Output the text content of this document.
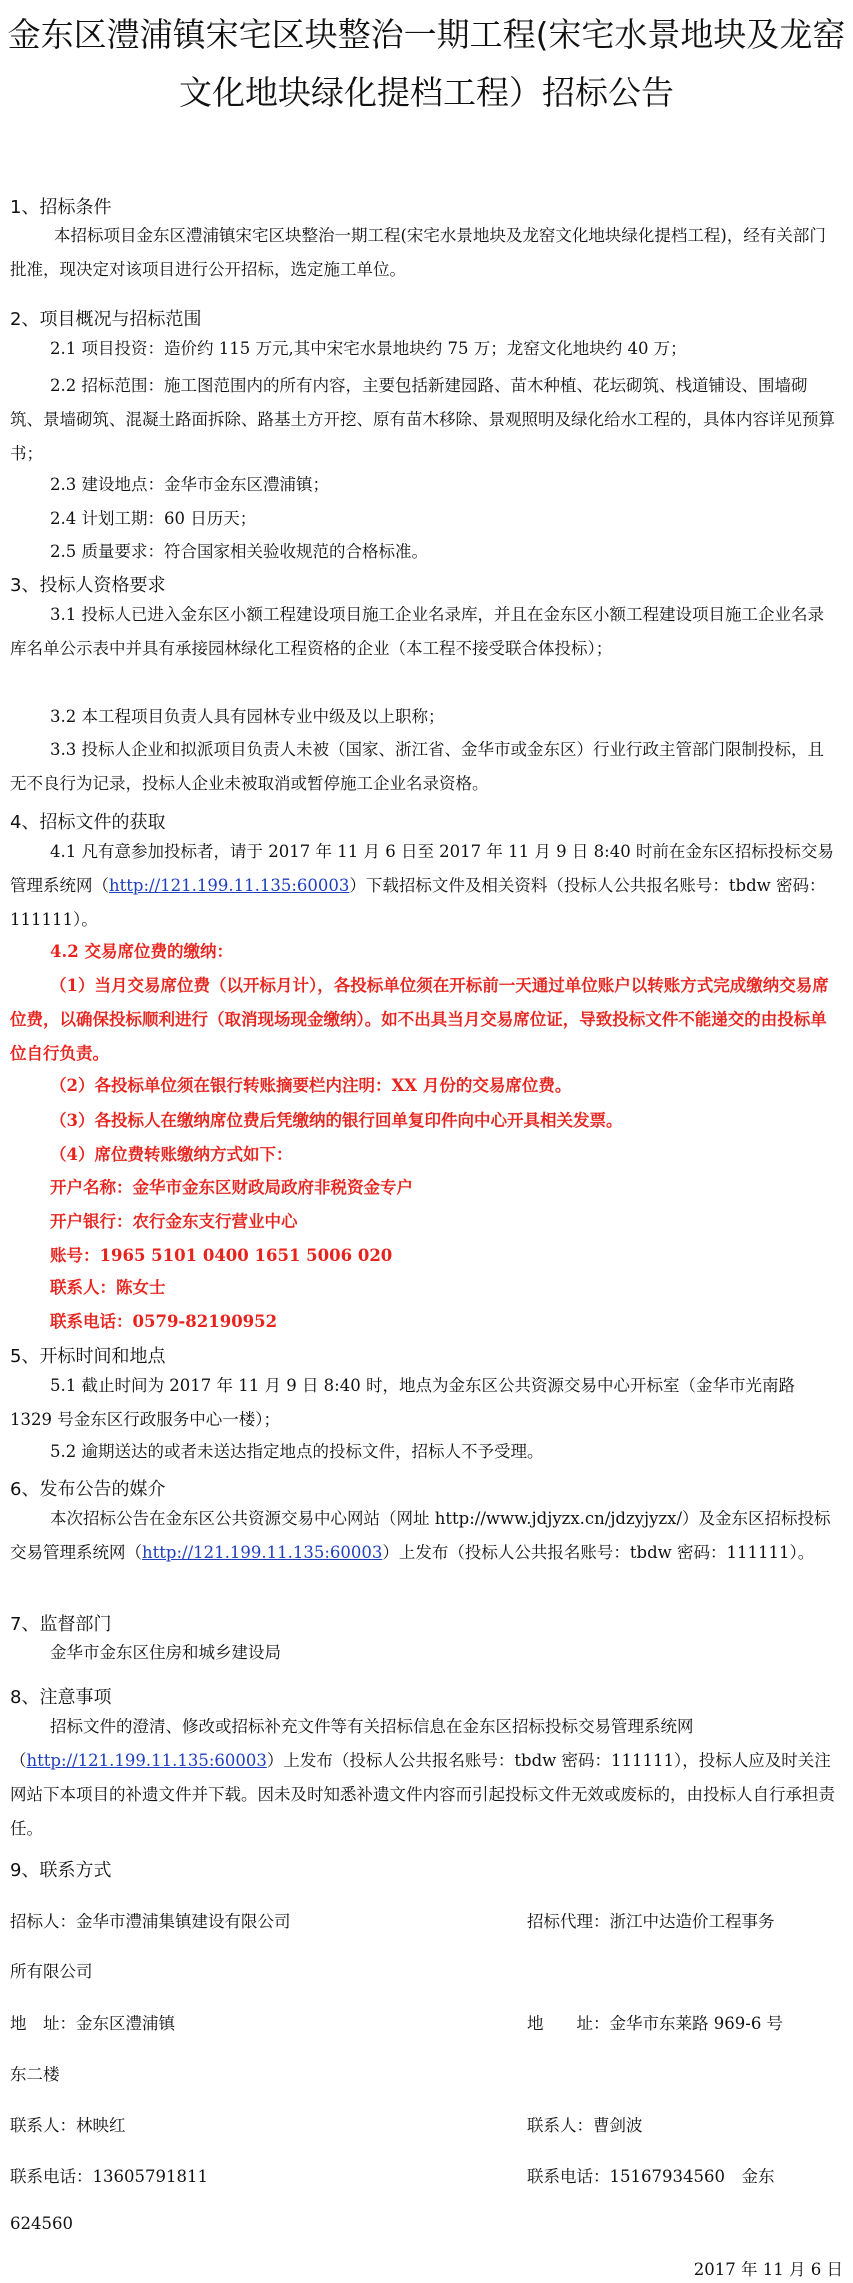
金东区澧浦镇宋宅区块整治一期工程(宋宅水景地块及龙窑文化地块绿化提档工程）招标公告
1、招标条件
本招标项目金东区澧浦镇宋宅区块整治一期工程(宋宅水景地块及龙窑文化地块绿化提档工程)，经有关部门批准，现决定对该项目进行公开招标，选定施工单位。
2、项目概况与招标范围
2.1 项目投资：造价约 115 万元,其中宋宅水景地块约 75 万；龙窑文化地块约 40 万；
2.2 招标范围：施工图范围内的所有内容，主要包括新建园路、苗木种植、花坛砌筑、栈道铺设、围墙砌筑、景墙砌筑、混凝土路面拆除、路基土方开挖、原有苗木移除、景观照明及绿化给水工程的，具体内容详见预算书；
2.3 建设地点：金华市金东区澧浦镇；
2.4 计划工期：60 日历天；
2.5 质量要求：符合国家相关验收规范的合格标准。
3、投标人资格要求
3.1 投标人已进入金东区小额工程建设项目施工企业名录库，并且在金东区小额工程建设项目施工企业名录库名单公示表中并具有承接园林绿化工程资格的企业（本工程不接受联合体投标）；
3.2 本工程项目负责人具有园林专业中级及以上职称；
3.3 投标人企业和拟派项目负责人未被（国家、浙江省、金华市或金东区）行业行政主管部门限制投标，且无不良行为记录，投标人企业未被取消或暂停施工企业名录资格。
4、招标文件的获取
4.1 凡有意参加投标者，请于 2017 年 11 月 6 日至 2017 年 11 月 9 日 8:40 时前在金东区招标投标交易管理系统网（http://121.199.11.135:60003）下载招标文件及相关资料（投标人公共报名账号：tbdw 密码：111111）。
4.2 交易席位费的缴纳：
（1）当月交易席位费（以开标月计），各投标单位须在开标前一天通过单位账户以转账方式完成缴纳交易席位费，以确保投标顺利进行（取消现场现金缴纳）。如不出具当月交易席位证，导致投标文件不能递交的由投标单位自行负责。
（2）各投标单位须在银行转账摘要栏内注明：XX 月份的交易席位费。
（3）各投标人在缴纳席位费后凭缴纳的银行回单复印件向中心开具相关发票。
（4）席位费转账缴纳方式如下：
开户名称：金华市金东区财政局政府非税资金专户
开户银行：农行金东支行营业中心
账号：1965 5101 0400 1651 5006 020
联系人：陈女士
联系电话：0579-82190952
5、开标时间和地点
5.1 截止时间为 2017 年 11 月 9 日 8:40 时，地点为金东区公共资源交易中心开标室（金华市光南路 1329 号金东区行政服务中心一楼）；
5.2 逾期送达的或者未送达指定地点的投标文件，招标人不予受理。
6、发布公告的媒介
本次招标公告在金东区公共资源交易中心网站（网址 http://www.jdjyzx.cn/jdzyjyzx/）及金东区招标投标交易管理系统网（http://121.199.11.135:60003）上发布（投标人公共报名账号：tbdw 密码：111111）。
7、监督部门
金华市金东区住房和城乡建设局
8、注意事项
招标文件的澄清、修改或招标补充文件等有关招标信息在金东区招标投标交易管理系统网（http://121.199.11.135:60003）上发布（投标人公共报名账号：tbdw 密码：111111），投标人应及时关注网站下本项目的补遗文件并下载。因未及时知悉补遗文件内容而引起投标文件无效或废标的，由投标人自行承担责任。
9、联系方式
招标人：金华市澧浦集镇建设有限公司	招标代理：浙江中达造价工程事务
所有限公司
地　址：金东区澧浦镇	地　　址：金华市东莱路 969-6 号
东二楼
联系人：林映红	联系人：曹剑波
联系电话：13605791811	联系电话：15167934560　金东
624560
2017 年 11 月 6 日
